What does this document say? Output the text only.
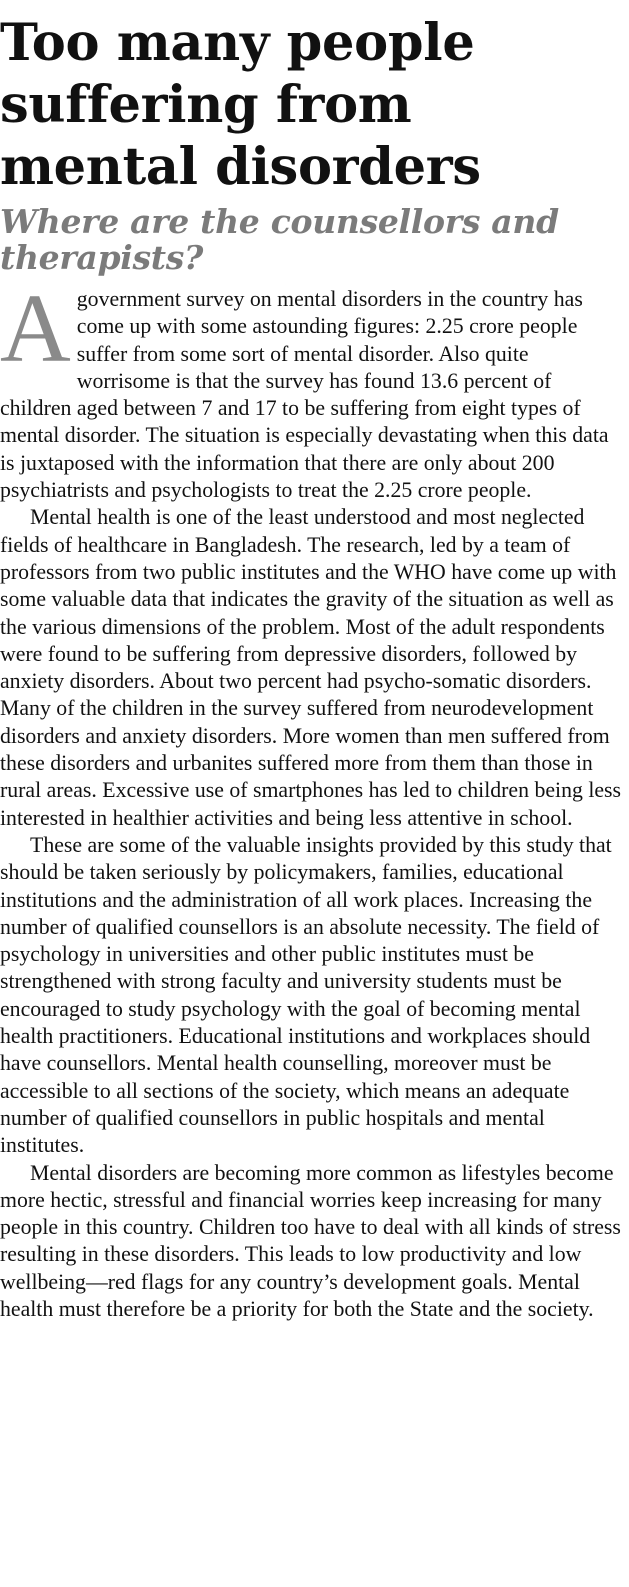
Too many people suffering from mental disorders
Where are the counsellors and therapists?

A government survey on mental disorders in the country has come up with some astounding figures: 2.25 crore people suffer from some sort of mental disorder. Also quite worrisome is that the survey has found 13.6 percent of children aged between 7 and 17 to be suffering from eight types of mental disorder. The situation is especially devastating when this data is juxtaposed with the information that there are only about 200 psychiatrists and psychologists to treat the 2.25 crore people.

Mental health is one of the least understood and most neglected fields of healthcare in Bangladesh. The research, led by a team of professors from two public institutes and the WHO have come up with some valuable data that indicates the gravity of the situation as well as the various dimensions of the problem. Most of the adult respondents were found to be suffering from depressive disorders, followed by anxiety disorders. About two percent had psycho-somatic disorders. Many of the children in the survey suffered from neurodevelopment disorders and anxiety disorders. More women than men suffered from these disorders and urbanites suffered more from them than those in rural areas. Excessive use of smartphones has led to children being less interested in healthier activities and being less attentive in school.

These are some of the valuable insights provided by this study that should be taken seriously by policymakers, families, educational institutions and the administration of all work places. Increasing the number of qualified counsellors is an absolute necessity. The field of psychology in universities and other public institutes must be strengthened with strong faculty and university students must be encouraged to study psychology with the goal of becoming mental health practitioners. Educational institutions and workplaces should have counsellors. Mental health counselling, moreover must be accessible to all sections of the society, which means an adequate number of qualified counsellors in public hospitals and mental institutes.

Mental disorders are becoming more common as lifestyles become more hectic, stressful and financial worries keep increasing for many people in this country. Children too have to deal with all kinds of stress resulting in these disorders. This leads to low productivity and low wellbeing—red flags for any country’s development goals. Mental health must therefore be a priority for both the State and the society.
